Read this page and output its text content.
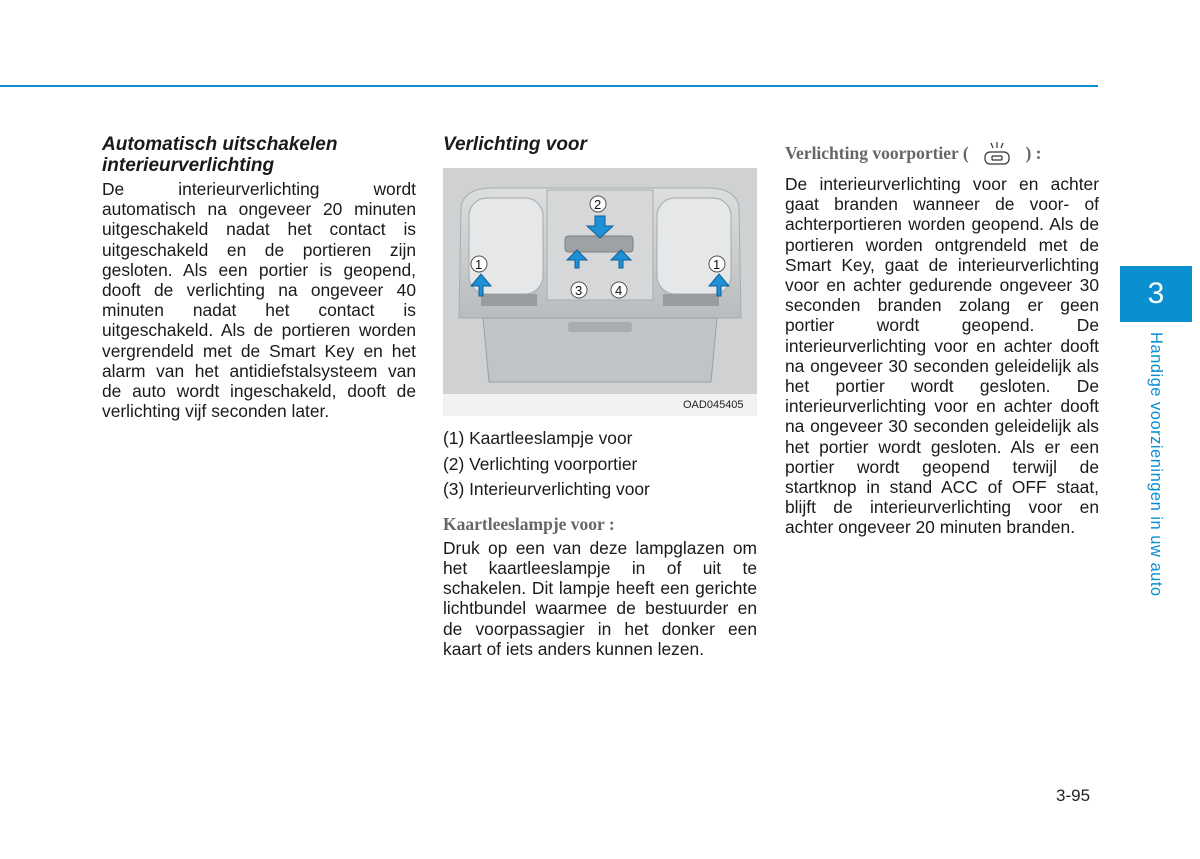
Automatisch uitschakelen interieurverlichting

De interieurverlichting wordt automatisch na ongeveer 20 minuten uitgeschakeld nadat het contact is uitgeschakeld en de portieren zijn gesloten. Als een portier is geopend, dooft de verlichting na ongeveer 40 minuten nadat het contact is uitgeschakeld. Als de portieren worden vergrendeld met de Smart Key en het alarm van het antidiefstalsysteem van de auto wordt ingeschakeld, dooft de verlichting vijf seconden later.

Verlichting voor

OAD045405
1
2
3	4
1
(1) Kaartleeslampje voor
(2) Verlichting voorportier
(3) Interieurverlichting voor

Kaartleeslampje voor :

Druk op een van deze lampglazen om het kaartleeslampje in of uit te schakelen. Dit lampje heeft een gerichte lichtbundel waarmee de bestuurder en de voorpassagier in het donker een kaart of iets anders kunnen lezen.

Verlichting voorportier (	) :

De interieurverlichting voor en achter gaat branden wanneer de voor- of achterportieren worden geopend. Als de portieren worden ontgrendeld met de Smart Key, gaat de interieurverlichting voor en achter gedurende ongeveer 30 seconden branden zolang er geen portier wordt geopend. De interieurverlichting voor en achter dooft na ongeveer 30 seconden geleidelijk als het portier wordt gesloten. De interieurverlichting voor en achter dooft na ongeveer 30 seconden geleidelijk als het portier wordt gesloten. Als er een portier wordt geopend terwijl de startknop in stand ACC of OFF staat, blijft de interieurverlichting voor en achter ongeveer 20 minuten branden.

3
Handige voorzieningen in uw auto
3-95
